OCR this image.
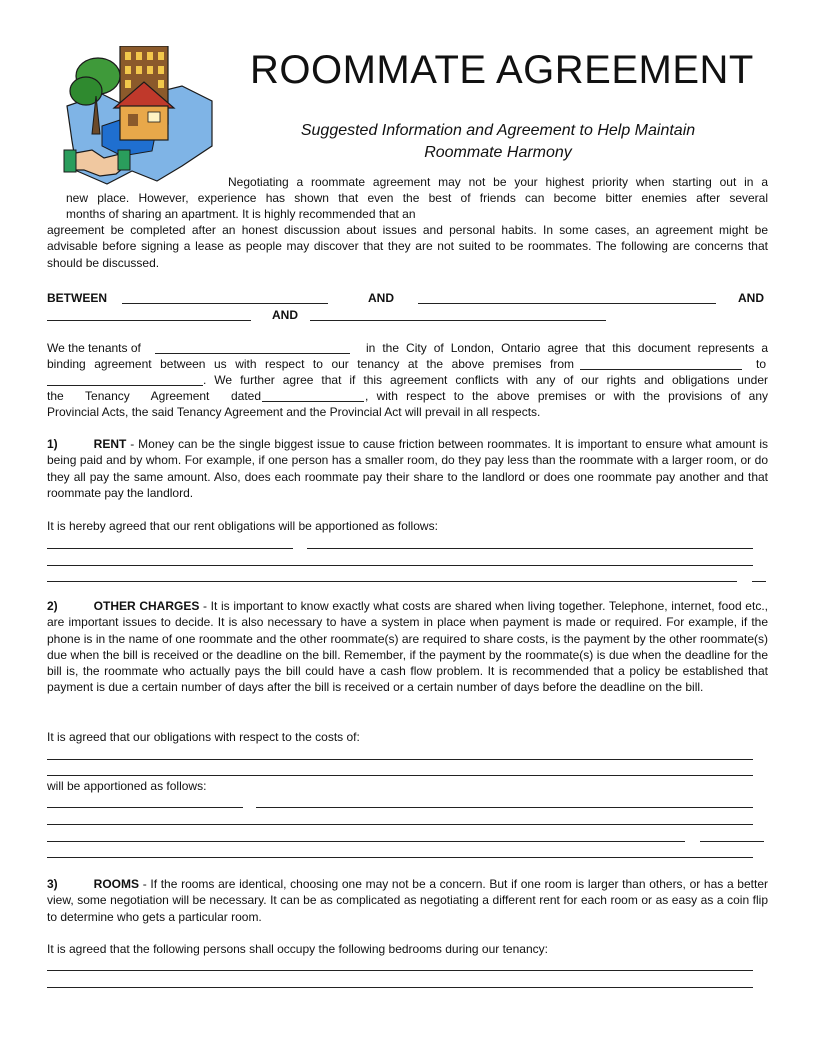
ROOMMATE AGREEMENT
Suggested Information and Agreement to Help Maintain
Roommate Harmony
Negotiating a roommate agreement may not be your highest priority when starting out in a
new place. However, experience has shown that even the best of friends can become bitter enemies after several
months of sharing an apartment. It is highly recommended that an
agreement be completed after an honest discussion about issues and personal habits. In some cases, an agreement might be advisable before signing a lease as people may discover that they are not suited to be roommates. The following are concerns that should be discussed.
BETWEEN	AND	AND
AND
We the tenants of	in the City of London, Ontario agree that this document represents a
binding agreement between us with respect to our tenancy at the above premises from	to
. We further agree that if this agreement conflicts with any of our rights and obligations under
the Tenancy Agreement dated	, with respect to the above premises or with the provisions of any
Provincial Acts, the said Tenancy Agreement and the Provincial Act will prevail in all respects.
1)	RENT - Money can be the single biggest issue to cause friction between roommates. It is important to ensure what amount is being paid and by whom. For example, if one person has a smaller room, do they pay less than the roommate with a larger room, or do they all pay the same amount. Also, does each roommate pay their share to the landlord or does one roommate pay another and that roommate pay the landlord.
It is hereby agreed that our rent obligations will be apportioned as follows:
2)	OTHER CHARGES - It is important to know exactly what costs are shared when living together. Telephone, internet, food etc., are important issues to decide. It is also necessary to have a system in place when payment is made or required. For example, if the phone is in the name of one roommate and the other roommate(s) are required to share costs, is the payment by the other roommate(s) due when the bill is received or the deadline on the bill. Remember, if the payment by the roommate(s) is due when the deadline for the bill is, the roommate who actually pays the bill could have a cash flow problem. It is recommended that a policy be established that payment is due a certain number of days after the bill is received or a certain number of days before the deadline on the bill.
It is agreed that our obligations with respect to the costs of:
will be apportioned as follows:
3)	ROOMS - If the rooms are identical, choosing one may not be a concern. But if one room is larger than others, or has a better view, some negotiation will be necessary. It can be as complicated as negotiating a different rent for each room or as easy as a coin flip to determine who gets a particular room.
It is agreed that the following persons shall occupy the following bedrooms during our tenancy:
